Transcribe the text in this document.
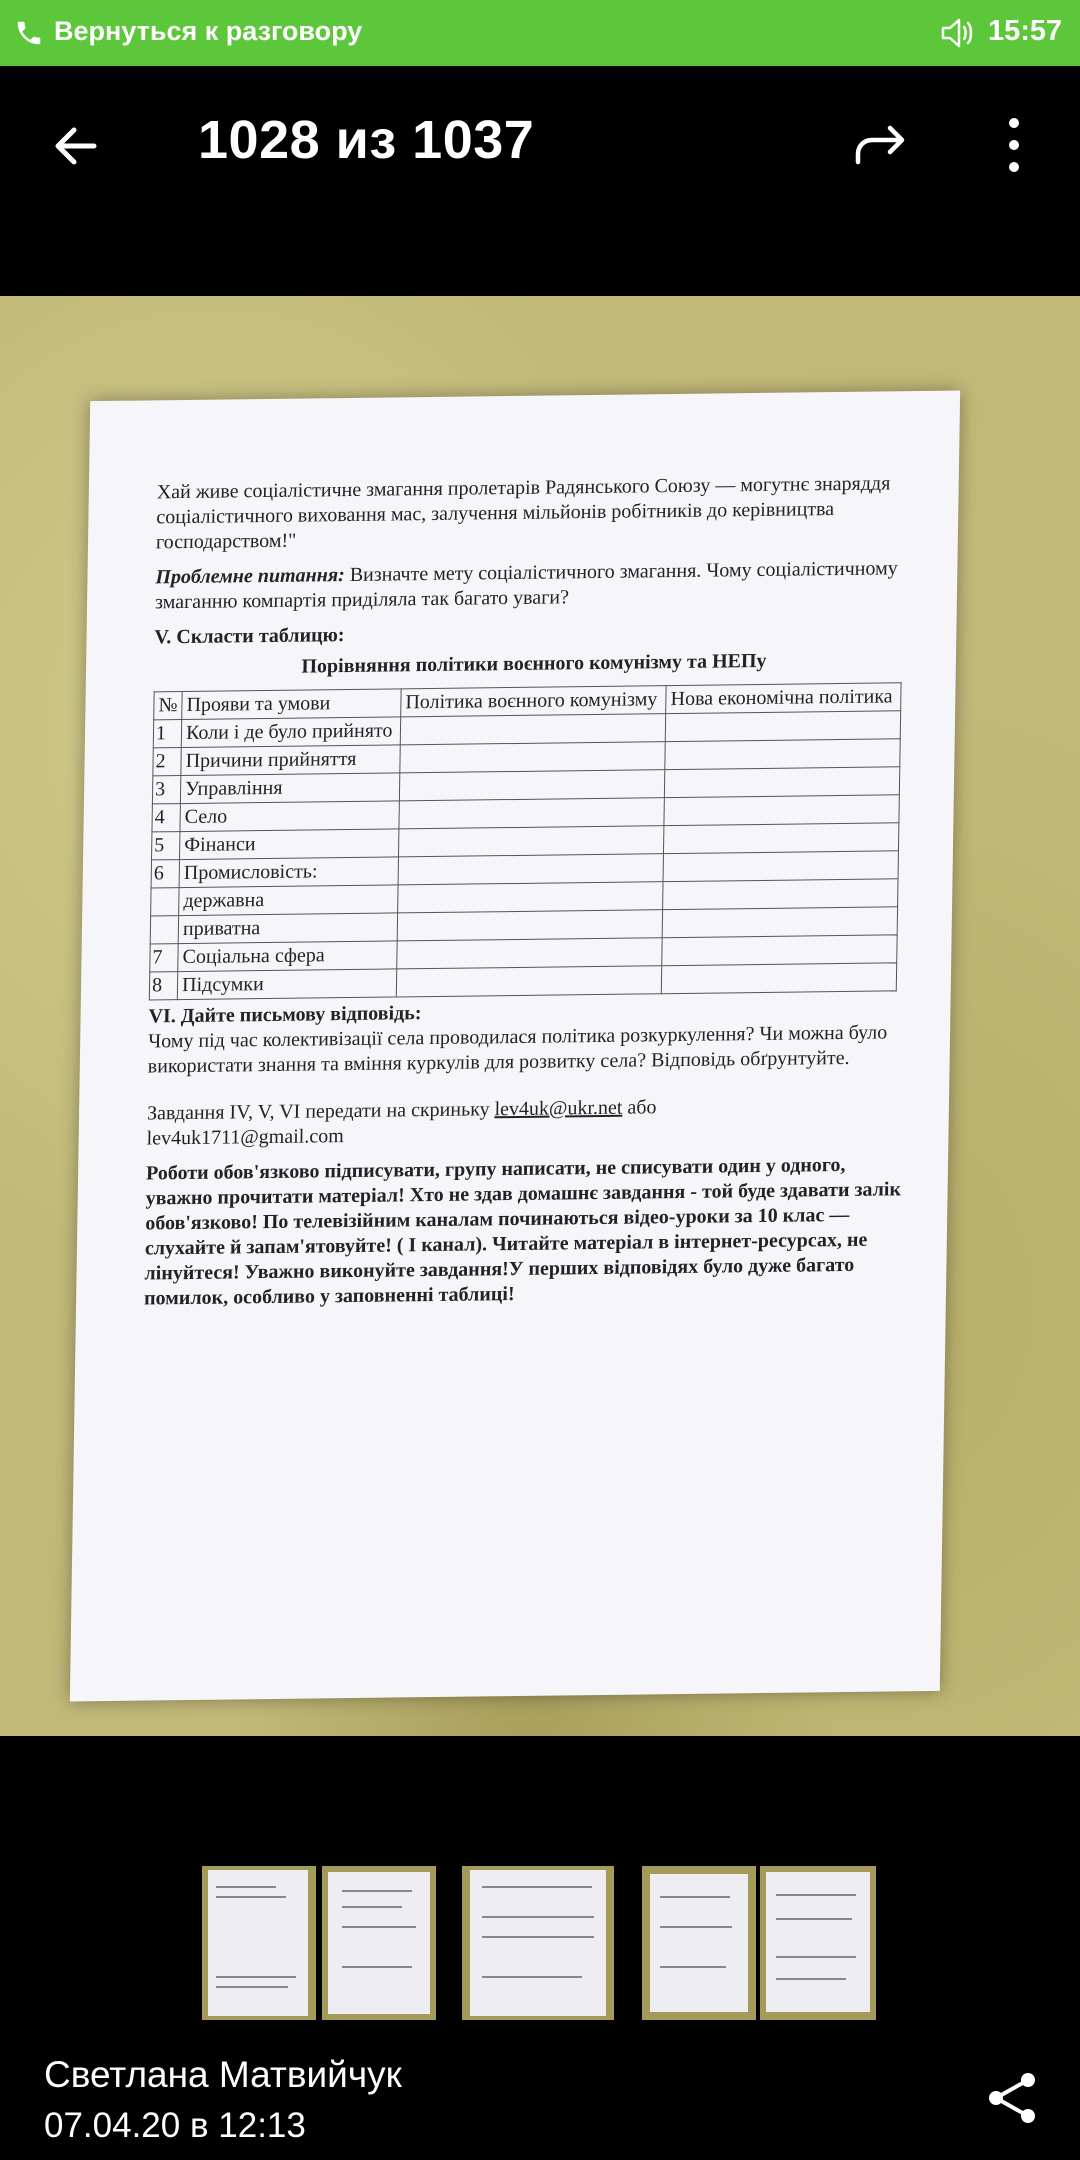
Вернуться к разговору	15:57
1028 из 1037

Хай живе соціалістичне змагання пролетарів Радянського Союзу — могутнє знаряддя соціалістичного виховання мас, залучення мільйонів робітників до керівництва господарством!"

Проблемне питання: Визначте мету соціалістичного змагання. Чому соціалістичному змаганню компартія приділяла так багато уваги?

V. Скласти таблицю:
Порівняння політики воєнного комунізму та НЕПу
№	Прояви та умови	Політика воєнного комунізму	Нова економічна політика
1	Коли і де було прийнято		
2	Причини прийняття		
3	Управління		
4	Село		
5	Фінанси		
6	Промисловість:		
	державна		
	приватна		
7	Соціальна сфера		
8	Підсумки		
VI. Дайте письмову відповідь:

Чому під час колективізації села проводилася політика розкуркулення? Чи можна було використати знання та вміння куркулів для розвитку села? Відповідь обґрунтуйте.

Завдання IV, V, VI передати на скриньку lev4uk@ukr.net або
lev4uk1711@gmail.com

Роботи обов'язково підписувати, групу написати, не списувати один у одного, уважно прочитати матеріал! Хто не здав домашнє завдання - той буде здавати залік обов'язково! По телевізійним каналам починаються відео-уроки за 10 клас — слухайте й запам'ятовуйте! ( І канал). Читайте матеріал в інтернет-ресурсах, не лінуйтеся! Уважно виконуйте завдання!У перших відповідях було дуже багато помилок, особливо у заповненні таблиці!

Светлана Матвийчук
07.04.20 в 12:13
